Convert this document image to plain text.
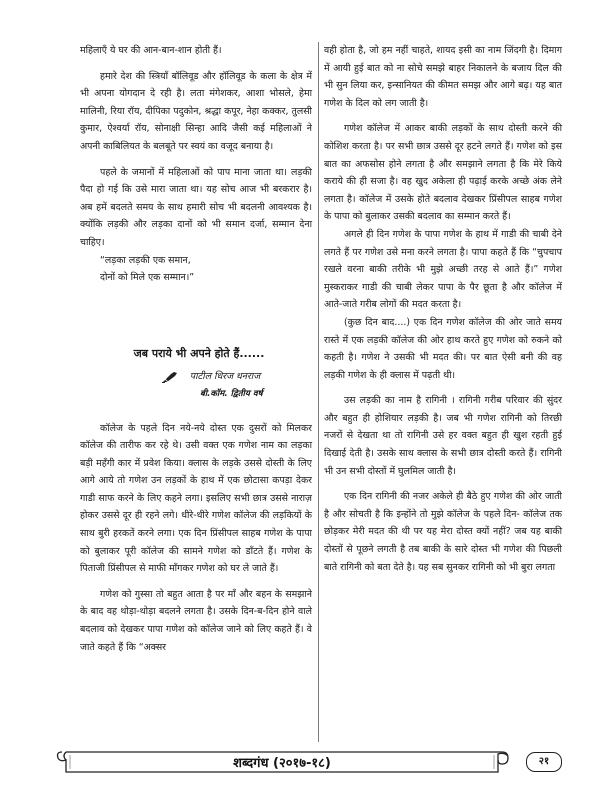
महिलाएँ ये घर की आन-बान-शान होती हैं।

हमारे देश की स्त्रियाँ बॉलिवूड और हॉलिवूड के कला के क्षेत्र में भी अपना योगदान दे रही है। लता मंगेशकर, आशा भोसले, हेमा मालिनी, रिया रॉय, दीपिका पदुकोन, श्रद्धा कपूर, नेहा कक्कर, तुलसी कुमार, ऐश्वर्या रॉय, सोनाक्षी सिन्हा आदि जैसी कई महिलाओं ने अपनी काबिलियत के बलबूते पर स्वयं का वजूद बनाया है।

पहले के जमानों में महिलाओं को पाप माना जाता था। लड़की पैदा हो गई कि उसे मारा जाता था। यह सोच आज भी बरकरार है। अब हमें बदलते समय के साथ हमारी सोच भी बदलनी आवश्यक है। क्योंकि लड़की और लड़का दानों को भी समान दर्जा, सम्मान देना चाहिए।

“लड़का लड़की एक समान,

दोनों को मिले एक सम्मान।”

जब पराये भी अपने होते हैं......
पाटील धिरज धनराज
बी.कॉम. द्वितीय वर्ष

कॉलेज के पहले दिन नये-नये दोस्त एक दुसरों को मिलकर कॉलेज की तारीफ कर रहे थे। उसी वक्त एक गणेश नाम का लड़का बड़ी महँगी कार में प्रवेश किया। क्लास के लड़के उससे दोस्ती के लिए आगे आये तो गणेश उन लड़कों के हाथ में एक छोटासा कपड़ा देकर गाडी साफ करने के लिए कहने लगा। इसलिए सभी छात्र उससे नाराज़ होकर उससे दूर ही रहने लगे। धीरे-धीरे गणेश कॉलेज की लड़कियों के साथ बुरी हरकतें करने लगा। एक दिन प्रिंसीपल साहब गणेश के पापा को बुलाकर पूरी कॉलेज की सामने गणेश को डॉंटते हैं। गणेश के पिताजी प्रिंसीपल से माफी मॉंगकर गणेश को घर ले जाते हैं।

गणेश को गुस्सा तो बहुत आता है पर मॉं और बहन के समझाने के बाद वह थोड़ा-थोड़ा बदलने लगता है। उसके दिन-ब-दिन होने वाले बदलाव को देखकर पापा गणेश को कॉलेज जाने को लिए कहते हैं। वे जाते कहते हैं कि “अक्सर

वही होता है, जो हम नहीं चाहते, शायद इसी का नाम जिंदगी है। दिमाग में आयी हुई बात को ना सोचे समझे बाहर निकालने के बजाय दिल की भी सुन लिया कर, इन्सानियत की कीमत समझ और आगे बढ़। यह बात गणेश के दिल को लग जाती है।

गणेश कॉलेज में आकर बाकी लड़कों के साथ दोस्ती करने की कोशिश करता है। पर सभी छात्र उससे दूर हटने लगते हैं। गणेश को इस बात का अफसोस होने लगता है और समझाने लगता है कि मेरे किये कराये की ही सजा है। वह खुद अकेला ही पढ़ाई करके अच्छे अंक लेने लगता है। कॉलेज में उसके होते बदलाव देखकर प्रिंसीपल साहब गणेश के पापा को बुलाकर उसकी बदलाव का सम्मान करते हैं।

अगले ही दिन गणेश के पापा गणेश के हाथ में गाडी की चाबी देने लगते हैं पर गणेश उसे मना करने लगता है। पापा कहते हैं कि “चुपचाप रखले वरना बाकी तरीके भी मुझे अच्छी तरह से आते हैं।” गणेश मुस्कराकर गाडी की चाबी लेकर पापा के पैर छूता है और कॉलेज में आते-जाते गरीब लोगों की मदत करता है।

(कुछ दिन बाद....) एक दिन गणेश कॉलेज की ओर जाते समय रास्ते में एक लड़की कॉलेज की ओर हाथ करते हुए गणेश को रुकने को कहती है। गणेश ने उसकी भी मदत की। पर बात ऐसी बनी की वह लड़की गणेश के ही क्लास में पढ़ती थी।

उस लड़की का नाम है रागिनी । रागिनी गरीब परिवार की सुंदर और बहुत ही होशियार लड़की है। जब भी गणेश रागिनी को तिरछी नजरों से देखता था तो रागिनी उसे हर वक्त बहुत ही खुश रहती हुई दिखाई देती है। उसके साथ क्लास के सभी छात्र दोस्ती करते हैं। रागिनी भी उन सभी दोस्तों में घुलमिल जाती है।

एक दिन रागिनी की नजर अकेले ही बैठे हुए गणेश की ओर जाती है और सोचती है कि इन्होंने तो मुझे कॉलेज के पहले दिन- कॉलेज तक छोड़कर मेरी मदत की थी पर यह मेरा दोस्त क्यों नहीं? जब यह बाकी दोस्तों से पूछने लगती है तब बाकी के सारे दोस्त भी गणेश की पिछली बाते रागिनी को बता देते है। यह सब सुनकर रागिनी को भी बुरा लगता

शब्दगंध (२०१७-१८)	२१
